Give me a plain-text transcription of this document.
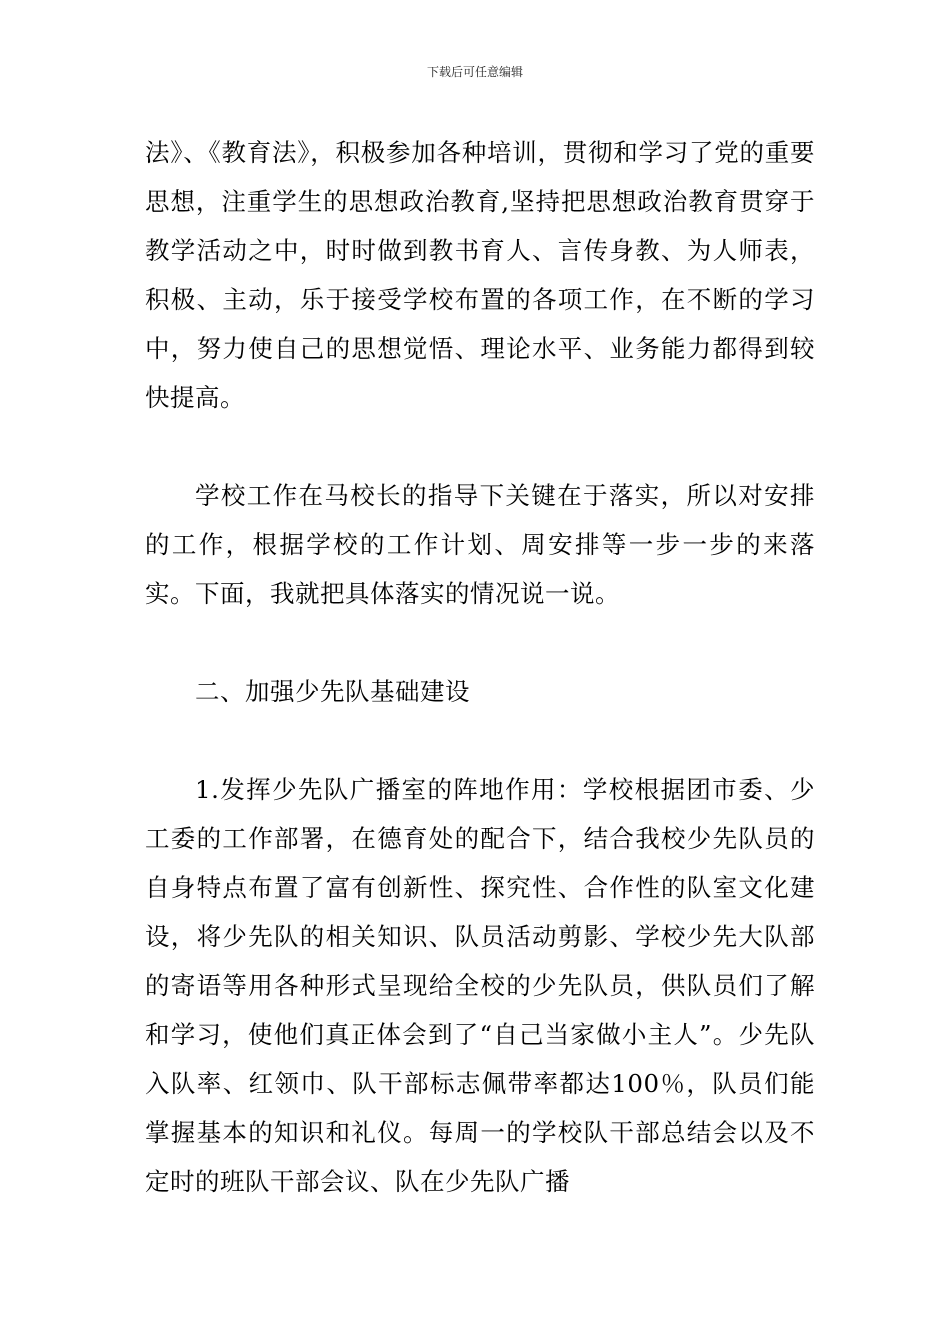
下载后可任意编辑

法》、《教育法》，积极参加各种培训，贯彻和学习了党的重要思想，注重学生的思想政治教育,坚持把思想政治教育贯穿于教学活动之中，时时做到教书育人、言传身教、为人师表，积极、主动，乐于接受学校布置的各项工作，在不断的学习中，努力使自己的思想觉悟、理论水平、业务能力都得到较快提高。

学校工作在马校长的指导下关键在于落实，所以对安排的工作，根据学校的工作计划、周安排等一步一步的来落实。下面，我就把具体落实的情况说一说。

二、加强少先队基础建设

1.发挥少先队广播室的阵地作用：学校根据团市委、少工委的工作部署，在德育处的配合下，结合我校少先队员的自身特点布置了富有创新性、探究性、合作性的队室文化建设，将少先队的相关知识、队员活动剪影、学校少先大队部的寄语等用各种形式呈现给全校的少先队员，供队员们了解和学习，使他们真正体会到了“自己当家做小主人”。少先队入队率、红领巾、队干部标志佩带率都达100％，队员们能掌握基本的知识和礼仪。每周一的学校队干部总结会以及不定时的班队干部会议、队在少先队广播
